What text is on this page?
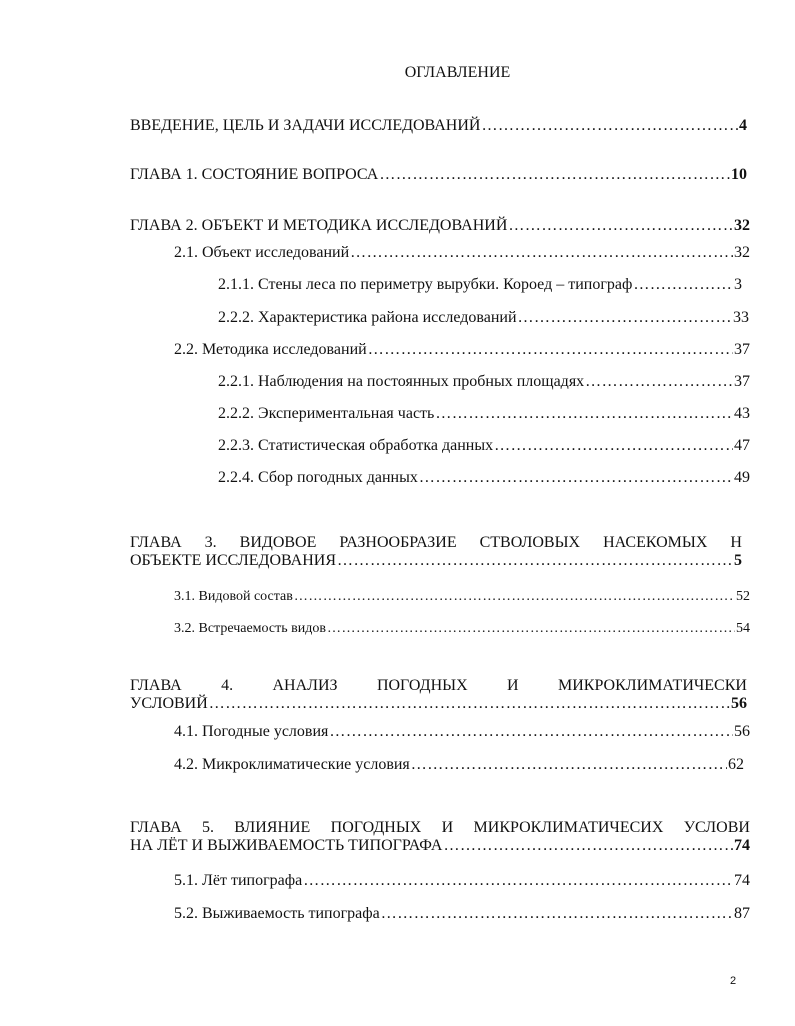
ОГЛАВЛЕНИЕ
ВВЕДЕНИЕ, ЦЕЛЬ И ЗАДАЧИ ИССЛЕДОВАНИЙ ……………………………………………………………………………………………………………………………………………………………………………………	4
ГЛАВА 1. СОСТОЯНИЕ ВОПРОСА ……………………………………………………………………………………………………………………………………………………………………………………	10
ГЛАВА 2. ОБЪЕКТ И МЕТОДИКА ИССЛЕДОВАНИЙ ……………………………………………………………………………………………………………………………………………………………………………………	32
2.1. Объект исследований ……………………………………………………………………………………………………………………………………………………………………………………	32
2.1.1. Стены леса по периметру вырубки. Короед – типограф ……………………………………………………………………………………………………………………………………………………………………………………	3
2.2.2. Характеристика района исследований ……………………………………………………………………………………………………………………………………………………………………………………	33
2.2. Методика исследований ……………………………………………………………………………………………………………………………………………………………………………………	37
2.2.1. Наблюдения на постоянных пробных площадях ……………………………………………………………………………………………………………………………………………………………………………………	37
2.2.2. Экспериментальная часть ……………………………………………………………………………………………………………………………………………………………………………………	43
2.2.3. Статистическая обработка данных ……………………………………………………………………………………………………………………………………………………………………………………	47
2.2.4. Сбор погодных данных ……………………………………………………………………………………………………………………………………………………………………………………	49
ГЛАВА 3. ВИДОВОЕ РАЗНООБРАЗИЕ СТВОЛОВЫХ НАСЕКОМЫХ Н
ОБЪЕКТЕ ИССЛЕДОВАНИЯ ……………………………………………………………………………………………………………………………………………………………………………………	5
3.1. Видовой состав ……………………………………………………………………………………………………………………………………………………………………………………	52
3.2. Встречаемость видов ……………………………………………………………………………………………………………………………………………………………………………………	54
ГЛАВА 4. АНАЛИЗ ПОГОДНЫХ И МИКРОКЛИМАТИЧЕСКИ
УСЛОВИЙ ……………………………………………………………………………………………………………………………………………………………………………………	56
4.1. Погодные условия ……………………………………………………………………………………………………………………………………………………………………………………	56
4.2. Микроклиматические условия ……………………………………………………………………………………………………………………………………………………………………………………	62
ГЛАВА 5. ВЛИЯНИЕ ПОГОДНЫХ И МИКРОКЛИМАТИЧЕСИХ УСЛОВИ
НА ЛЁТ И ВЫЖИВАЕМОСТЬ ТИПОГРАФА ……………………………………………………………………………………………………………………………………………………………………………………	74
5.1. Лёт типографа ……………………………………………………………………………………………………………………………………………………………………………………	74
5.2. Выживаемость типографа ……………………………………………………………………………………………………………………………………………………………………………………	87
2
